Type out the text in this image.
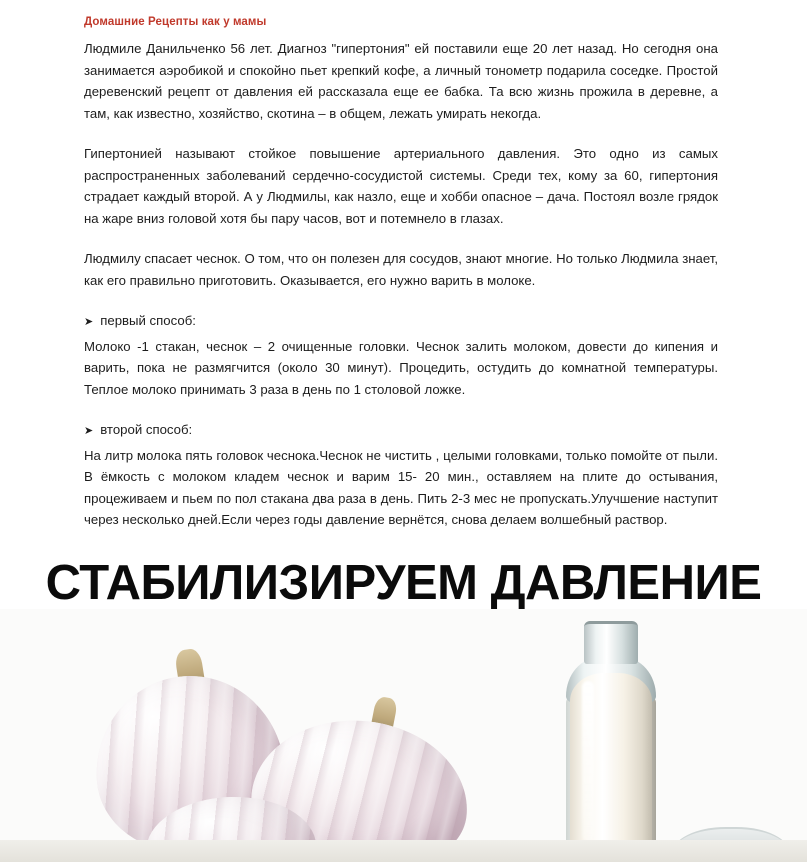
Домашние Рецепты как у мамы

Людмиле Данильченко 56 лет. Диагноз "гипертония" ей поставили еще 20 лет назад. Но сегодня она занимается аэробикой и спокойно пьет крепкий кофе, а личный тонометр подарила соседке. Простой деревенский рецепт от давления ей рассказала еще ее бабка. Та всю жизнь прожила в деревне, а там, как известно, хозяйство, скотина – в общем, лежать умирать некогда.

Гипертонией называют стойкое повышение артериального давления. Это одно из самых распространенных заболеваний сердечно-сосудистой системы. Среди тех, кому за 60, гипертония страдает каждый второй. А у Людмилы, как назло, еще и хобби опасное – дача. Постоял возле грядок на жаре вниз головой хотя бы пару часов, вот и потемнело в глазах.

Людмилу спасает чеснок. О том, что он полезен для сосудов, знают многие. Но только Людмила знает, как его правильно приготовить. Оказывается, его нужно варить в молоке.

➤ первый способ:

Молоко -1 стакан, чеснок – 2 очищенные головки. Чеснок залить молоком, довести до кипения и варить, пока не размягчится (около 30 минут). Процедить, остудить до комнатной температуры. Теплое молоко принимать 3 раза в день по 1 столовой ложке.

➤ второй способ:

На литр молока пять головок чеснока.Чеснок не чистить , целыми головками, только помойте от пыли. В ёмкость с молоком кладем чеснок и варим 15- 20 мин., оставляем на плите до остывания, процеживаем и пьем по пол стакана два раза в день. Пить 2-3 мес не пропускать.Улучшение наступит через несколько дней.Если через годы давление вернётся, снова делаем волшебный раствор.

СТАБИЛИЗИРУЕМ ДАВЛЕНИЕ
